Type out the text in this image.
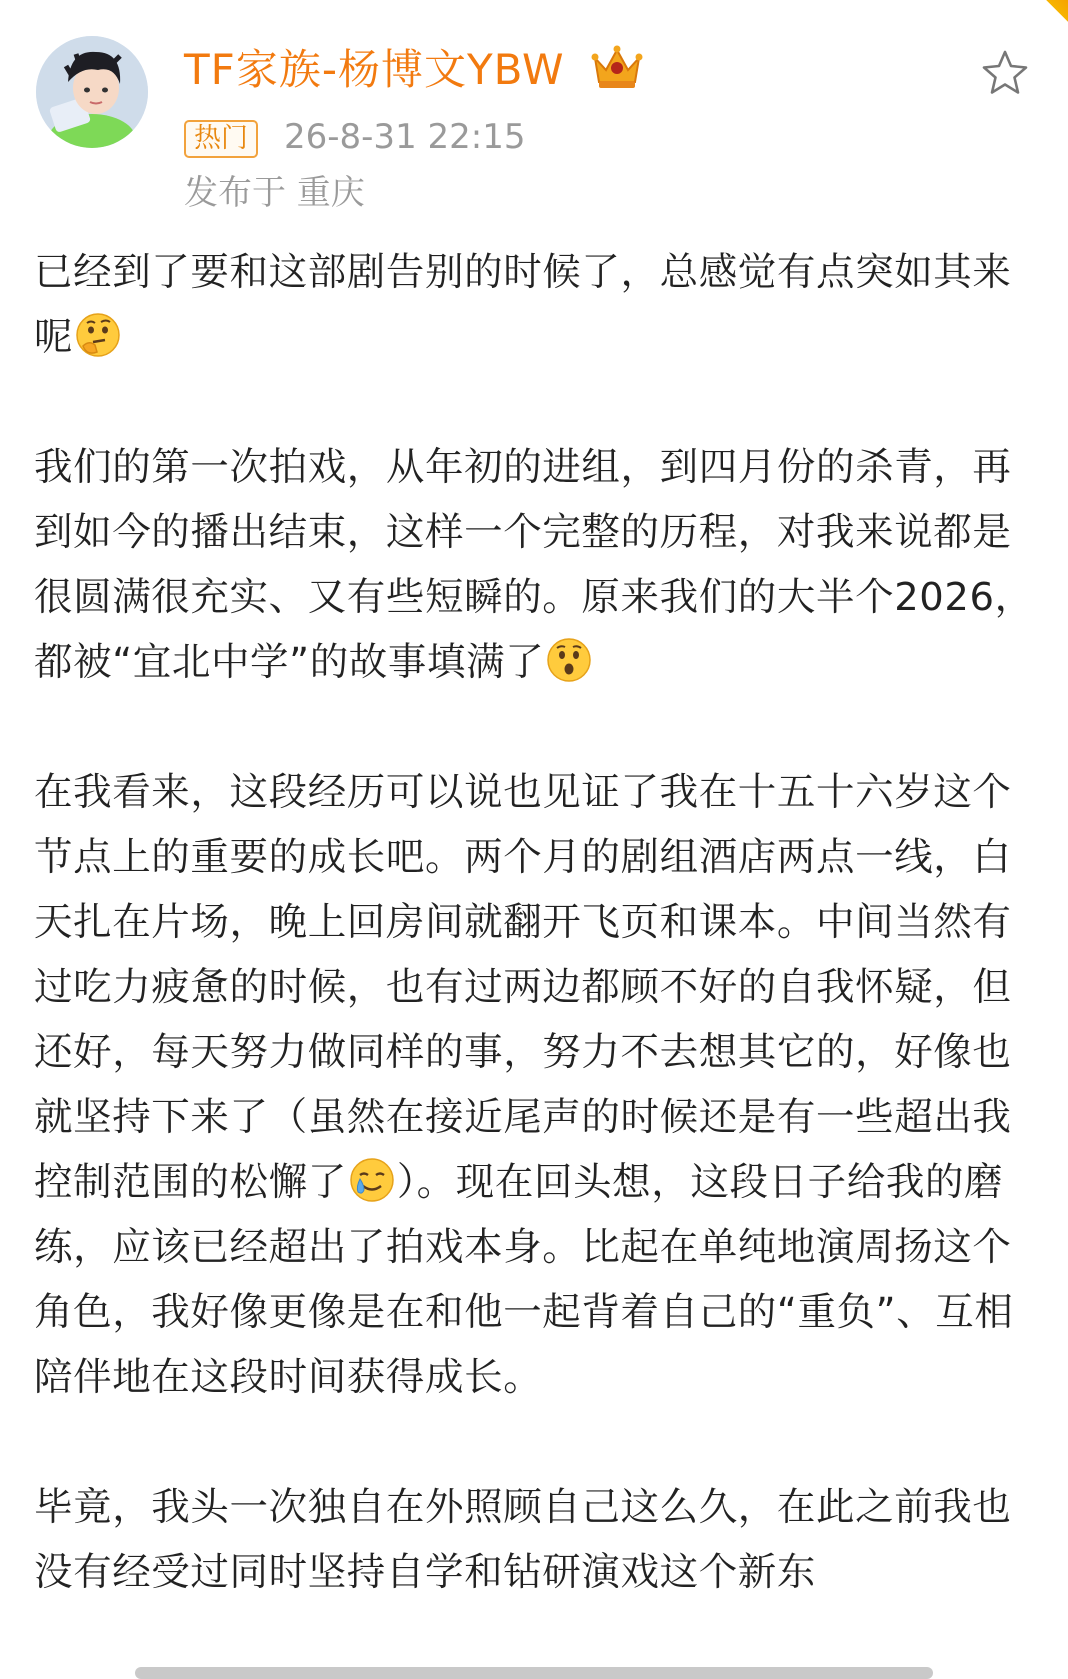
TF家族-杨博文YBW
热门 26-8-31 22:15
发布于 重庆

已经到了要和这部剧告别的时候了，总感觉有点突如其来呢

我们的第一次拍戏，从年初的进组，到四月份的杀青，再到如今的播出结束，这样一个完整的历程，对我来说都是很圆满很充实、又有些短瞬的。原来我们的大半个2026，都被“宜北中学”的故事填满了

在我看来，这段经历可以说也见证了我在十五十六岁这个节点上的重要的成长吧。两个月的剧组酒店两点一线，白天扎在片场，晚上回房间就翻开飞页和课本。中间当然有过吃力疲惫的时候，也有过两边都顾不好的自我怀疑，但还好，每天努力做同样的事，努力不去想其它的，好像也就坚持下来了（虽然在接近尾声的时候还是有一些超出我控制范围的松懈了 ）。现在回头想，这段日子给我的磨练，应该已经超出了拍戏本身。比起在单纯地演周扬这个角色，我好像更像是在和他一起背着自己的“重负”、互相陪伴地在这段时间获得成长。

毕竟，我头一次独自在外照顾自己这么久，在此之前我也没有经受过同时坚持自学和钻研演戏这个新东
